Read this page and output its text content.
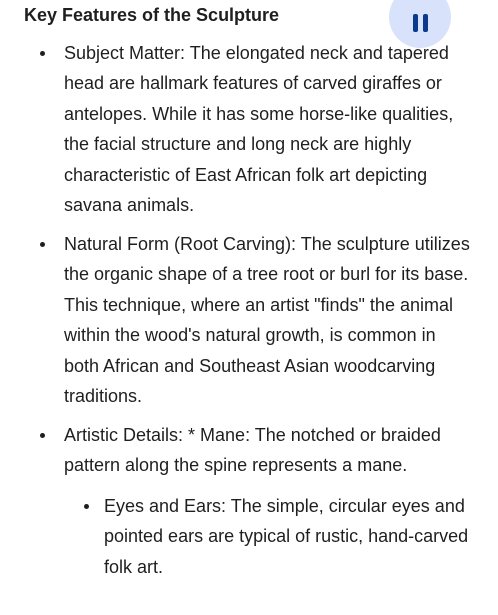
Key Features of the Sculpture
Subject Matter: The elongated neck and tapered head are hallmark features of carved giraffes or antelopes. While it has some horse-like qualities, the facial structure and long neck are highly characteristic of East African folk art depicting savana animals.
Natural Form (Root Carving): The sculpture utilizes the organic shape of a tree root or burl for its base. This technique, where an artist "finds" the animal within the wood's natural growth, is common in both African and Southeast Asian woodcarving traditions.
Artistic Details: * Mane: The notched or braided pattern along the spine represents a mane.
Eyes and Ears: The simple, circular eyes and pointed ears are typical of rustic, hand-carved folk art.
